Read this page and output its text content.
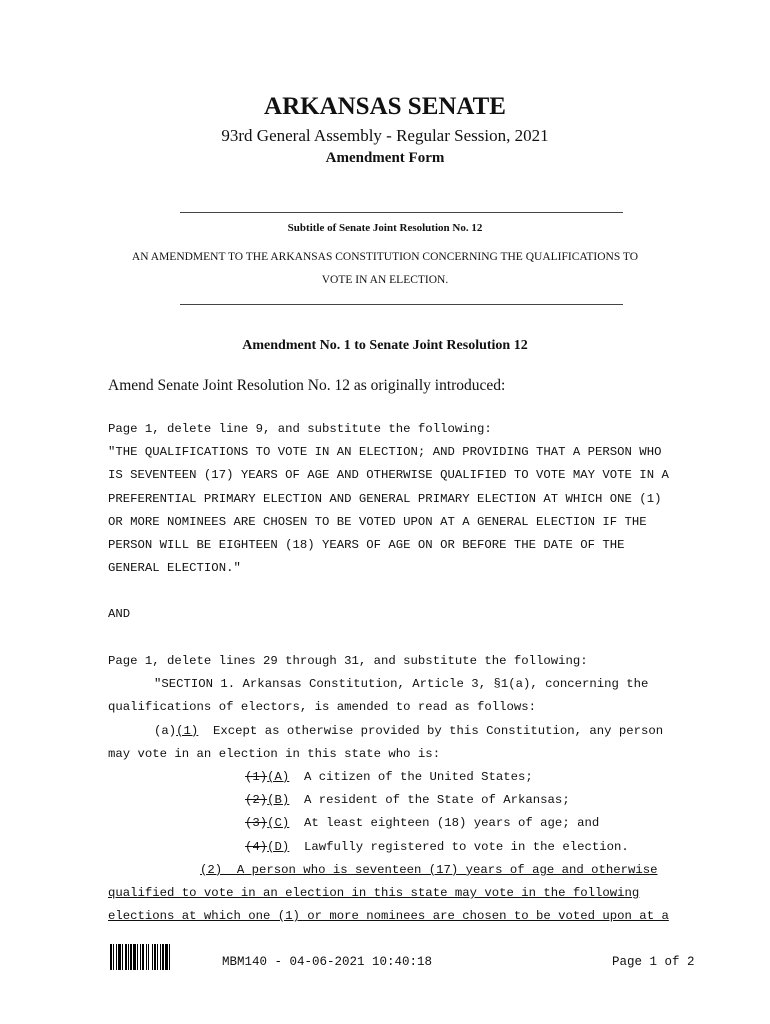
ARKANSAS SENATE
93rd General Assembly - Regular Session, 2021
Amendment Form
Subtitle of Senate Joint Resolution No. 12
AN AMENDMENT TO THE ARKANSAS CONSTITUTION CONCERNING THE QUALIFICATIONS TO
VOTE IN AN ELECTION.
Amendment No. 1 to Senate Joint Resolution 12
Amend Senate Joint Resolution No. 12 as originally introduced:
Page 1, delete line 9, and substitute the following:
"THE QUALIFICATIONS TO VOTE IN AN ELECTION; AND PROVIDING THAT A PERSON WHO
IS SEVENTEEN (17) YEARS OF AGE AND OTHERWISE QUALIFIED TO VOTE MAY VOTE IN A
PREFERENTIAL PRIMARY ELECTION AND GENERAL PRIMARY ELECTION AT WHICH ONE (1)
OR MORE NOMINEES ARE CHOSEN TO BE VOTED UPON AT A GENERAL ELECTION IF THE
PERSON WILL BE EIGHTEEN (18) YEARS OF AGE ON OR BEFORE THE DATE OF THE
GENERAL ELECTION."
AND
Page 1, delete lines 29 through 31, and substitute the following:
"SECTION 1. Arkansas Constitution, Article 3, §1(a), concerning the
qualifications of electors, is amended to read as follows:
(a)(1)  Except as otherwise provided by this Constitution, any person
may vote in an election in this state who is:
(1)(A)  A citizen of the United States;
(2)(B)  A resident of the State of Arkansas;
(3)(C)  At least eighteen (18) years of age; and
(4)(D)  Lawfully registered to vote in the election.
(2)  A person who is seventeen (17) years of age and otherwise
qualified to vote in an election in this state may vote in the following
elections at which one (1) or more nominees are chosen to be voted upon at a
MBM140 - 04-06-2021 10:40:18	Page 1 of 2
